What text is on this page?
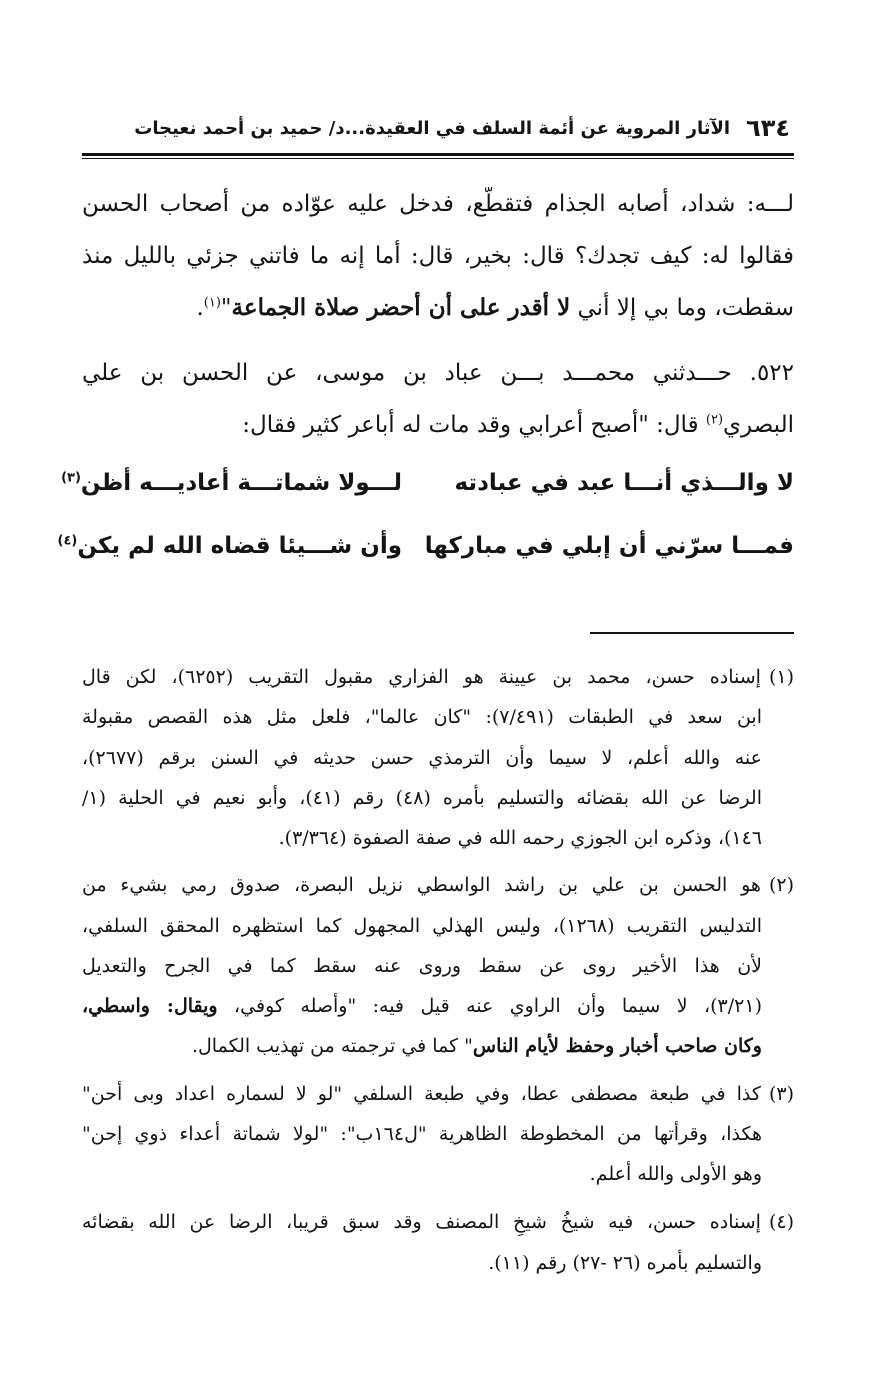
٦٣٤
الآثار المروية عن أئمة السلف في العقيدة...د/ حميد بن أحمد نعيجات
لـــه: شداد، أصابه الجذام فتقطّع، فدخل عليه عوّاده من أصحاب الحسن
فقالوا له: كيف تجدك؟ قال: بخير، قال: أما إنه ما فاتني جزئي بالليل منذ
سقطت، وما بي إلا أني لا أقدر على أن أحضر صلاة الجماعة"$^{(١)}$.
٥٢٢. حـــدثني محمـــد بـــن عباد بن موسى، عن الحسن بن علي
البصري$^{(٢)}$ قال: "أصبح أعرابي وقد مات له أباعر كثير فقال:
لا والـــذي أنـــا عبد في عبادته
لـــولا شماتـــة أعاديـــه أظن$^{(٣)}$
فمـــا سرّني أن إبلي في مباركها
وأن شـــيئا قضاه الله لم يكن$^{(٤)}$
(١)إسناده حسن، محمد بن عيينة هو الفزاري مقبول التقريب (٦٢٥٢)، لكن قال
ابن سعد في الطبقات (٧/٤٩١): "كان عالما"، فلعل مثل هذه القصص مقبولة
عنه والله أعلم، لا سيما وأن الترمذي حسن حديثه في السنن برقم (٢٦٧٧)،
الرضا عن الله بقضائه والتسليم بأمره (٤٨) رقم (٤١)، وأبو نعيم في الحلية (١/
١٤٦)، وذكره ابن الجوزي رحمه الله في صفة الصفوة (٣/٣٦٤).
(٢)هو الحسن بن علي بن راشد الواسطي نزيل البصرة، صدوق رمي بشيء من
التدليس التقريب (١٢٦٨)، وليس الهذلي المجهول كما استظهره المحقق السلفي،
لأن هذا الأخير روى عن سقط وروى عنه سقط كما في الجرح والتعديل
(٣/٢١)، لا سيما وأن الراوي عنه قيل فيه: "وأصله كوفي، ويقال: واسطي،
وكان صاحب أخبار وحفظ لأيام الناس" كما في ترجمته من تهذيب الكمال.
(٣)كذا في طبعة مصطفى عطا، وفي طبعة السلفي "لو لا لسماره اعداد وبى أحن"
هكذا، وقرأتها من المخطوطة الظاهرية "ل١٦٤ب": "لولا شماتة أعداء ذوي إحن"
وهو الأولى والله أعلم.
(٤)إسناده حسن، فيه شيخُ شيخِ المصنف وقد سبق قريبا، الرضا عن الله بقضائه
والتسليم بأمره (٢٦ -٢٧) رقم (١١).
